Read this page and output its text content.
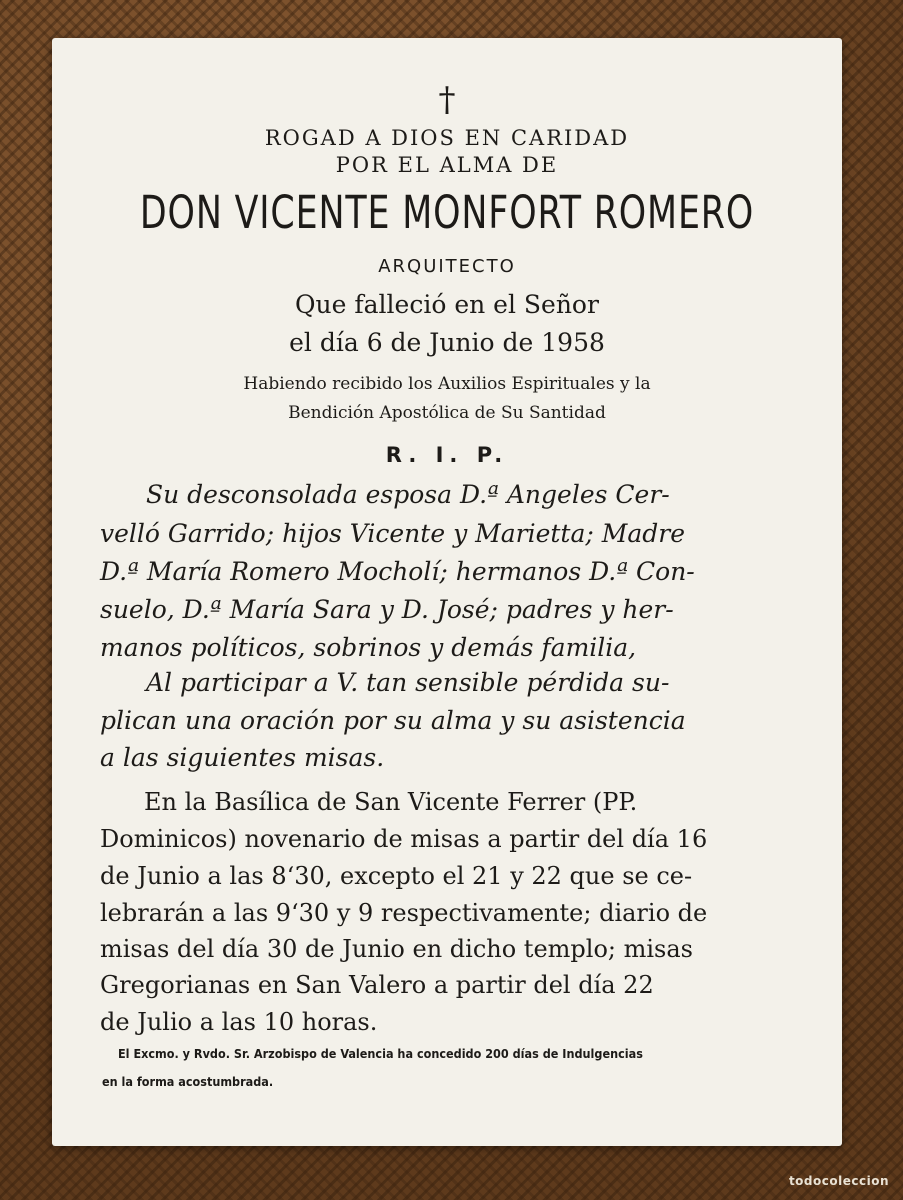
†
ROGAD A DIOS EN CARIDAD
POR EL ALMA DE
DON VICENTE MONFORT ROMERO
ARQUITECTO
Que falleció en el Señor
el día 6 de Junio de 1958
Habiendo recibido los Auxilios Espirituales y la
Bendición Apostólica de Su Santidad
R. I. P.
Su desconsolada esposa D.ª Angeles Cer-
velló Garrido; hijos Vicente y Marietta; Madre
D.ª María Romero Mocholí; hermanos D.ª Con-
suelo, D.ª María Sara y D. José; padres y her-
manos políticos, sobrinos y demás familia,
Al participar a V. tan sensible pérdida su-
plican una oración por su alma y su asistencia
a las siguientes misas.
En la Basílica de San Vicente Ferrer (PP.
Dominicos) novenario de misas a partir del día 16
de Junio a las 8‘30, excepto el 21 y 22 que se ce-
lebrarán a las 9‘30 y 9 respectivamente; diario de
misas del día 30 de Junio en dicho templo; misas
Gregorianas en San Valero a partir del día 22
de Julio a las 10 horas.
El Excmo. y Rvdo. Sr. Arzobispo de Valencia ha concedido 200 días de Indulgencias
en la forma acostumbrada.
todocoleccion
